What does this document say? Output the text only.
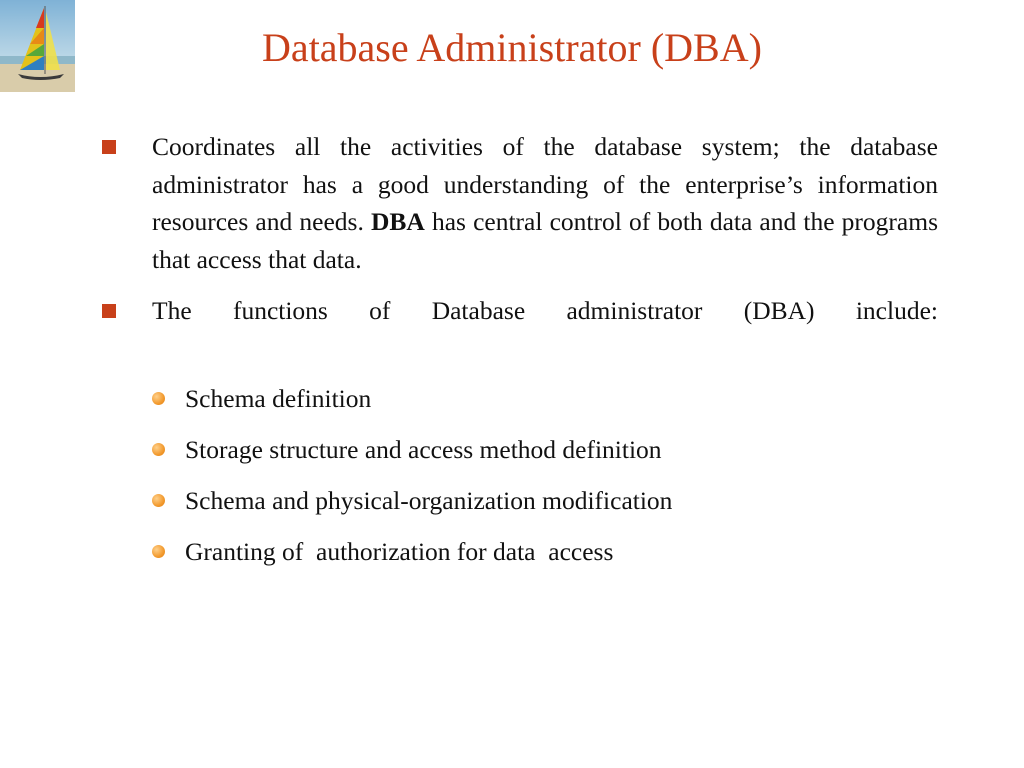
Database Administrator (DBA)
Coordinates all the activities of the database system; the database administrator has a good understanding of the enterprise’s information resources and needs. DBA has central control of both data and the programs that access that data.
The functions of Database administrator (DBA) include:
Schema definition
Storage structure and access method definition
Schema and physical-organization modification
Granting of  authorization for data  access
